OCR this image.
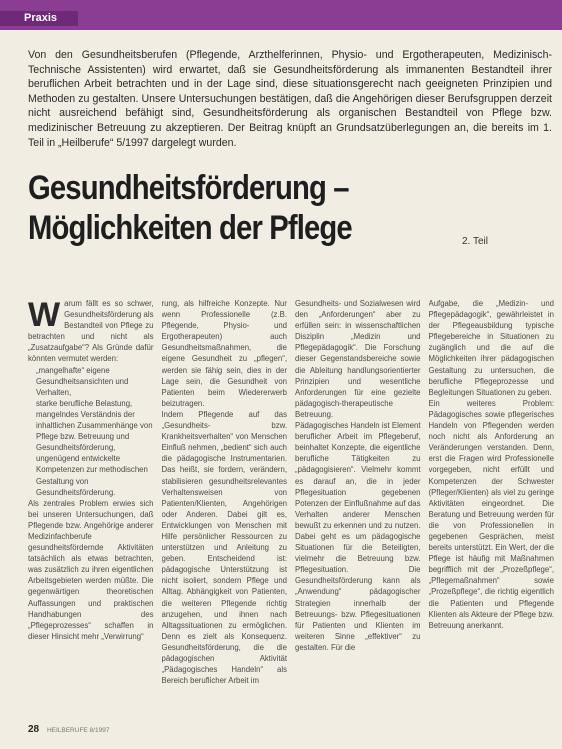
Praxis

Von den Gesundheitsberufen (Pflegende, Arzthelferinnen, Physio- und Ergotherapeuten, Medizinisch-Technische Assistenten) wird erwartet, daß sie Gesundheitsförderung als immanenten Bestandteil ihrer beruflichen Arbeit betrachten und in der Lage sind, diese situationsgerecht nach geeigneten Prinzipien und Methoden zu gestalten. Unsere Untersuchungen bestätigen, daß die Angehörigen dieser Berufsgruppen derzeit nicht ausreichend befähigt sind, Gesundheitsförderung als organischen Bestandteil von Pflege bzw. medizinischer Betreuung zu akzeptieren. Der Beitrag knüpft an Grundsatzüberlegungen an, die bereits im 1. Teil in „Heilberufe“ 5/1997 dargelegt wurden.

Gesundheitsförderung –
Möglichkeiten der Pflege	2. Teil
W arum fällt es so schwer, Gesundheitsförderung als Bestandteil von Pflege zu betrachten und nicht als „Zusatzaufgabe“? Als Gründe dafür könnten vermutet werden:

• „mangelhafte“ eigene Gesundheitsansichten und Verhalten,
• starke berufliche Belastung,
• mangelndes Verständnis der inhaltlichen Zusammenhänge von Pflege bzw. Betreuung und Gesundheitsförderung,
• ungenügend entwickelte Kompetenzen zur methodischen Gestaltung von Gesundheitsförderung.

Als zentrales Problem erwies sich bei unseren Untersuchungen, daß Pflegende bzw. Angehörige anderer Medizinfachberufe gesundheitsfördernde Aktivitäten tatsächlich als etwas betrachten, was zusätzlich zu ihren eigentlichen Arbeitsgebieten werden müßte. Die gegenwärtigen theoretischen Auffassungen und praktischen Handhabungen des „Pflegeprozesses“ schaffen in dieser Hinsicht mehr „Verwirrung“

rung, als hilfreiche Konzepte. Nur wenn Professionelle (z.B. Pflegende, Physio- und Ergotherapeuten) auch Gesundheitsmaßnahmen, die eigene Gesundheit zu „pflegen“, werden sie fähig sein, dies in der Lage sein, die Gesundheit von Patienten beim Wiedererwerb beizutragen.

Indem Pflegende auf das „Gesundheits- bzw. Krankheitsverhalten“ von Menschen Einfluß nehmen, „bedient“ sich auch die pädagogische Instrumentarien. Das heißt, sie fordern, verändern, stabilisieren gesundheitsrelevantes Verhaltensweisen von Patienten/Klienten, Angehörigen oder Anderen. Dabei gilt es, Entwicklungen von Menschen mit Hilfe persönlicher Ressourcen zu unterstützen und Anleitung zu geben. Entscheidend ist: pädagogische Unterstützung ist nicht isoliert, sondern Pflege und Alltag. Abhängigkeit von Patienten, die weiteren Pflegende richtig anzugehen, und ihnen nach Alltagssituationen zu ermöglichen. Denn es zielt als Konsequenz. Gesundheitsförderung, die die pädagogischen Aktivität „Pädagogisches Handeln“ als Bereich beruflicher Arbeit im

Gesundheits- und Sozialwesen wird den „Anforderungen“ aber zu erfüllen sein: in wissenschaftlichen Disziplin „Medizin und Pflegepädagogik“. Die Forschung dieser Gegenstandsbereiche sowie die Ableitung handlungsorientierter Prinzipien und wesentliche Anforderungen für eine gezielte pädagogisch-therapeutische Betreuung.

Pädagogisches Handeln ist Element beruflicher Arbeit im Pflegeberuf, beinhaltet Konzepte, die eigentliche berufliche Tätigkeiten zu „pädagogisieren“. Vielmehr kommt es darauf an, die in jeder Pflegesituation gegebenen Potenzen der Einflußnahme auf das Verhalten anderer Menschen bewußt zu erkennen und zu nutzen. Dabei geht es um pädagogische Situationen für die Beteiligten, vielmehr die Betreuung bzw. Pflegesituation. Die Gesundheitsförderung kann als „Anwendung“ pädagogischer Strategien innerhalb der Betreuungs- bzw. Pflegesituationen für Patienten und Klienten im weiteren Sinne „effektiver“ zu gestalten. Für die

Aufgabe, die „Medizin- und Pflegepädagogik“, gewährleistet in der Pflegeausbildung typische Pflegebereiche in Situationen zu zugänglich und die auf die Möglichkeiten ihrer pädagogischen Gestaltung zu untersuchen, die berufliche Pflegeprozesse und Begleitungen Situationen zu geben.

Ein weiteres Problem: Pädagogisches sowie pflegerisches Handeln von Pflegenden werden noch nicht als Anforderung an Veränderungen verstanden. Denn, erst die Fragen wird Professionelle vorgegeben, nicht erfüllt und Kompetenzen der Schwester (Pfleger/Klienten) als viel zu geringe Aktivitäten eingeordnet. Die Beratung und Betreuung werden für die von Professionellen in gegebenen Gesprächen, meist bereits unterstützt. Ein Wert, der die Pflege ist häufig mit Maßnahmen begrifflich mit der „Prozeßpflege“, „Pflegemaßnahmen“ sowie „Prozeßpflege“, die richtig eigentlich die Patienten und Pflegende Klienten als Akteure der Pflege bzw. Betreuung anerkannt.

28 HEILBERUFE 8/1997
